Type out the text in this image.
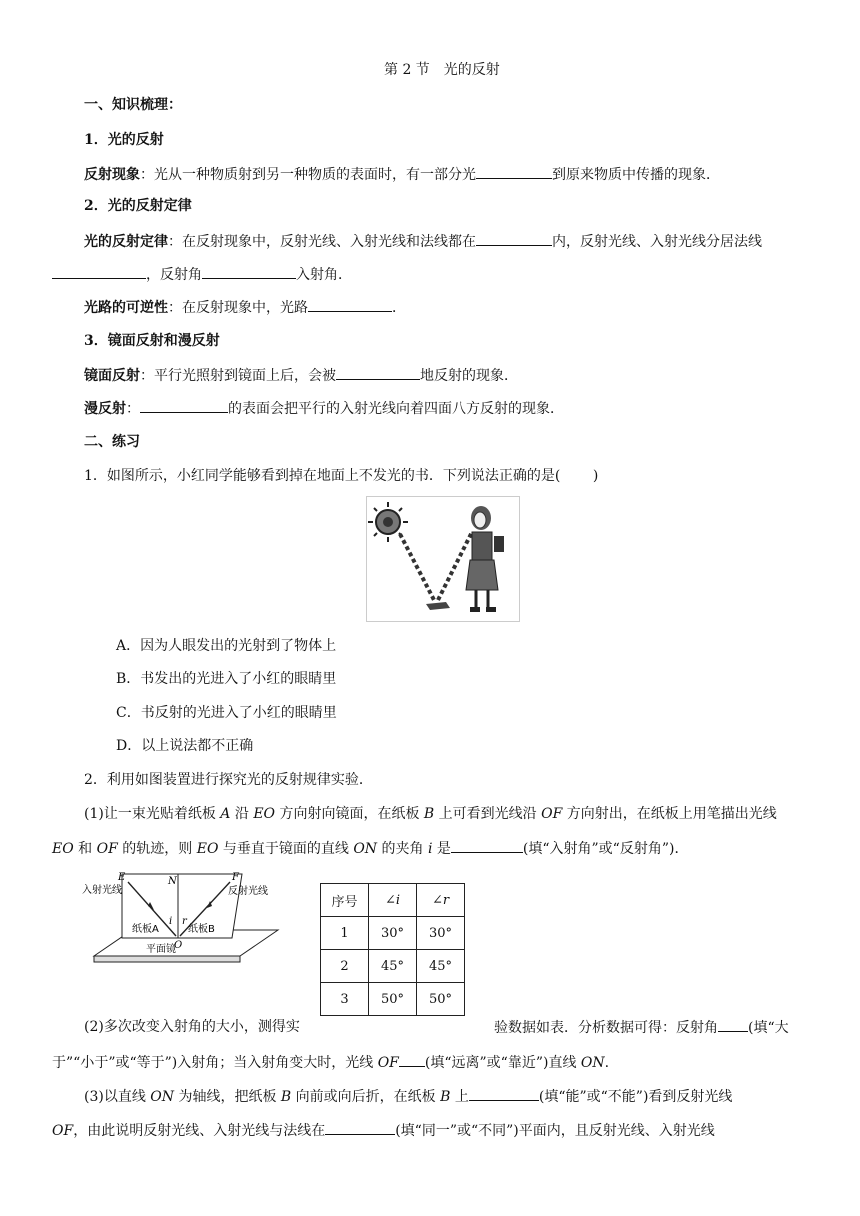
第 2 节　光的反射
一、知识梳理：
1．光的反射
反射现象：光从一种物质射到另一种物质的表面时，有一部分光	到原来物质中传播的现象．
2．光的反射定律
光的反射定律：在反射现象中，反射光线、入射光线和法线都在	内，反射光线、入射光线分居法线
，反射角	入射角．
光路的可逆性：在反射现象中，光路	．
3．镜面反射和漫反射
镜面反射：平行光照射到镜面上后，会被	地反射的现象．
漫反射：	的表面会把平行的入射光线向着四面八方反射的现象．
二、练习
1．如图所示，小红同学能够看到掉在地面上不发光的书．下列说法正确的是(　　 )
A．因为人眼发出的光射到了物体上
B．书发出的光进入了小红的眼睛里
C．书反射的光进入了小红的眼睛里
D．以上说法都不正确
2．利用如图装置进行探究光的反射规律实验．
(1)让一束光贴着纸板 A 沿 EO 方向射向镜面，在纸板 B 上可看到光线沿 OF 方向射出，在纸板上用笔描出光线
EO 和 OF 的轨迹，则 EO 与垂直于镜面的直线 ON 的夹角 i 是	(填“入射角”或“反射角”)．
E	N	F
入射光线	反射光线
i r
纸板A	纸板B
O
平面镜
序号	∠i	∠r
1	30°	30°
2	45°	45°
3	50°	50°
(2)多次改变入射角的大小，测得实	验数据如表．分析数据可得：反射角 (填“大
于”“小于”或“等于”)入射角；当入射角变大时，光线 OF (填“远离”或“靠近”)直线 ON.
(3)以直线 ON 为轴线，把纸板 B 向前或向后折，在纸板 B 上	(填“能”或“不能”)看到反射光线
OF，由此说明反射光线、入射光线与法线在	(填“同一”或“不同”)平面内，且反射光线、入射光线
